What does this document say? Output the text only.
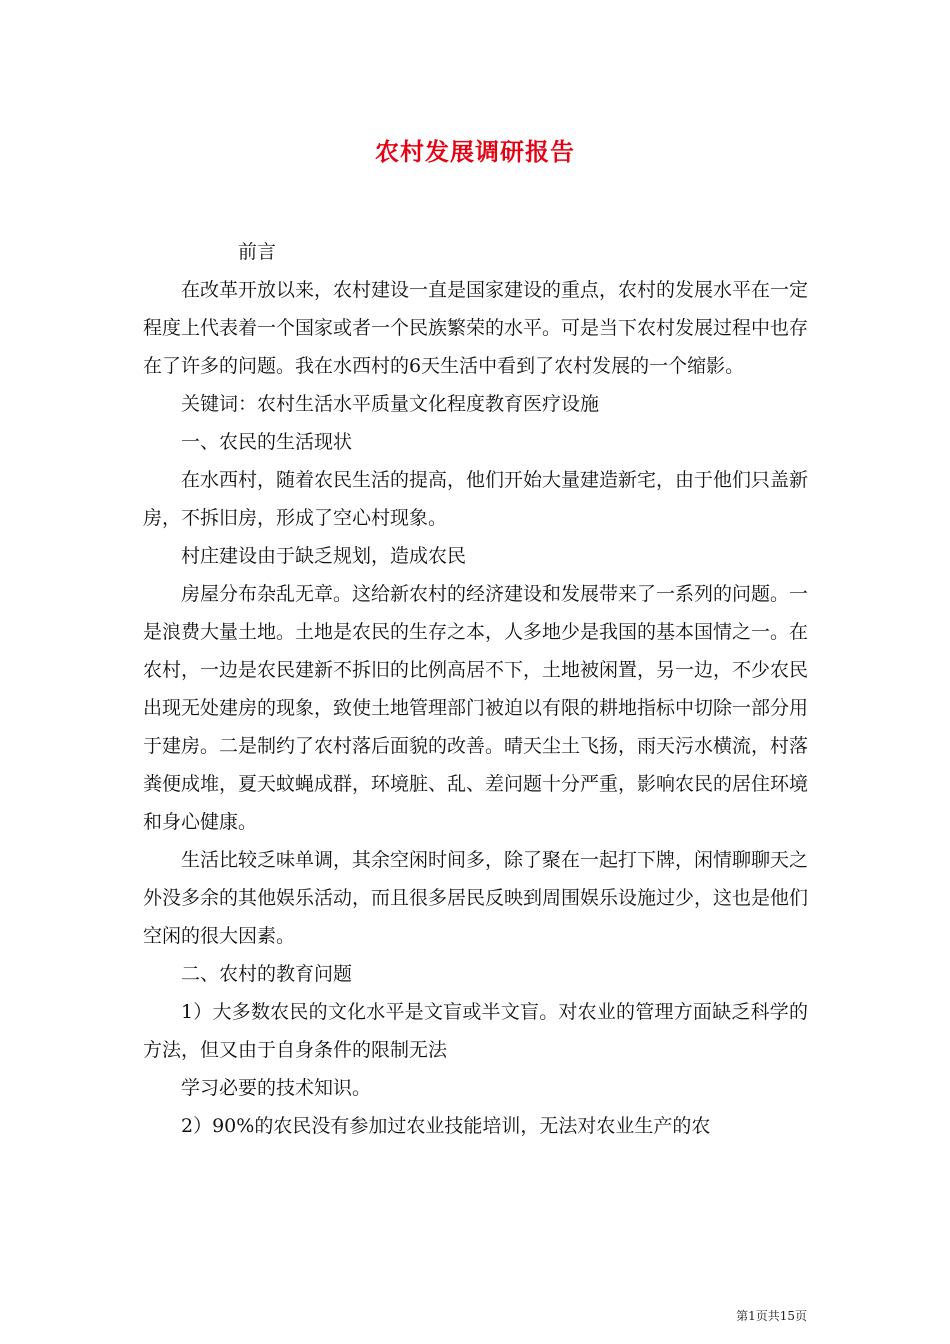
农村发展调研报告

前言

在改革开放以来，农村建设一直是国家建设的重点，农村的发展水平在一定程度上代表着一个国家或者一个民族繁荣的水平。可是当下农村发展过程中也存在了许多的问题。我在水西村的6天生活中看到了农村发展的一个缩影。

关键词：农村生活水平质量文化程度教育医疗设施

一、农民的生活现状

在水西村，随着农民生活的提高，他们开始大量建造新宅，由于他们只盖新房，不拆旧房，形成了空心村现象。

村庄建设由于缺乏规划，造成农民

房屋分布杂乱无章。这给新农村的经济建设和发展带来了一系列的问题。一是浪费大量土地。土地是农民的生存之本，人多地少是我国的基本国情之一。在农村，一边是农民建新不拆旧的比例高居不下，土地被闲置，另一边，不少农民出现无处建房的现象，致使土地管理部门被迫以有限的耕地指标中切除一部分用于建房。二是制约了农村落后面貌的改善。晴天尘土飞扬，雨天污水横流，村落粪便成堆，夏天蚊蝇成群，环境脏、乱、差问题十分严重，影响农民的居住环境和身心健康。

生活比较乏味单调，其余空闲时间多，除了聚在一起打下牌，闲情聊聊天之外没多余的其他娱乐活动，而且很多居民反映到周围娱乐设施过少，这也是他们空闲的很大因素。

二、农村的教育问题

1）大多数农民的文化水平是文盲或半文盲。对农业的管理方面缺乏科学的方法，但又由于自身条件的限制无法

学习必要的技术知识。

2）90%的农民没有参加过农业技能培训，无法对农业生产的农

第1页共15页
